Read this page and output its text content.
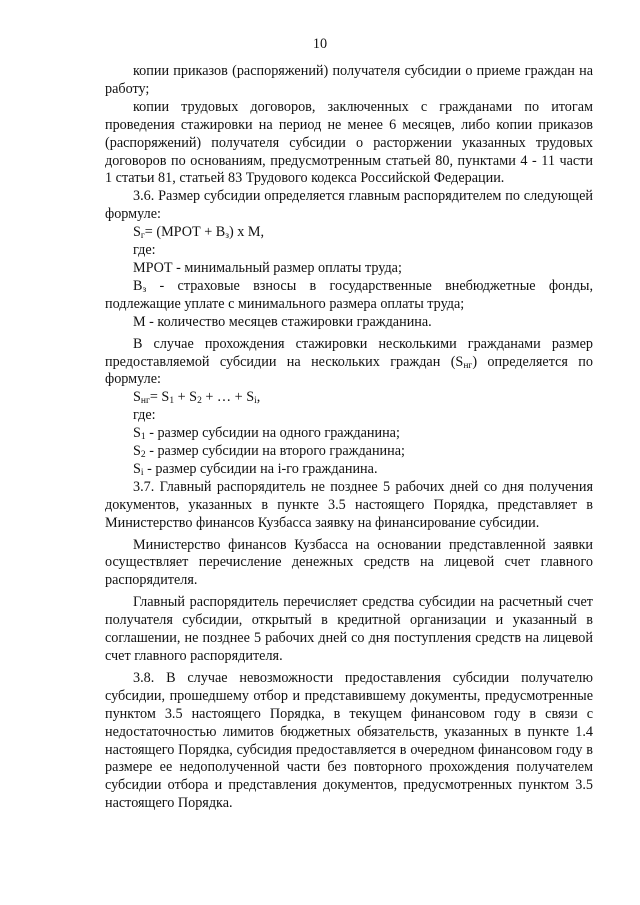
10

копии приказов (распоряжений) получателя субсидии о приеме граждан на работу;

копии трудовых договоров, заключенных с гражданами по итогам проведения стажировки на период не менее 6 месяцев, либо копии приказов (распоряжений) получателя субсидии о расторжении указанных трудовых договоров по основаниям, предусмотренным статьей 80, пунктами 4 - 11 части 1 статьи 81, статьей 83 Трудового кодекса Российской Федерации.

3.6. Размер субсидии определяется главным распорядителем по следующей формуле:

$S_г=$ (МРОТ + $В_з$) х М,

где:

МРОТ - минимальный размер оплаты труда;

$В_з$ - страховые взносы в государственные внебюджетные фонды, подлежащие уплате с минимального размера оплаты труда;

М - количество месяцев стажировки гражданина.

В случае прохождения стажировки несколькими гражданами размер предоставляемой субсидии на нескольких граждан $(S_{нг})$ определяется по формуле:

$S_{нг}= S_1 + S_2$ + … + $S_i$,

где:

$S_1$ - размер субсидии на одного гражданина;

$S_2$ - размер субсидии на второго гражданина;

$S_i$ - размер субсидии на i-го гражданина.

3.7. Главный распорядитель не позднее 5 рабочих дней со дня получения документов, указанных в пункте 3.5 настоящего Порядка, представляет в Министерство финансов Кузбасса заявку на финансирование субсидии.

Министерство финансов Кузбасса на основании представленной заявки осуществляет перечисление денежных средств на лицевой счет главного распорядителя.

Главный распорядитель перечисляет средства субсидии на расчетный счет получателя субсидии, открытый в кредитной организации и указанный в соглашении, не позднее 5 рабочих дней со дня поступления средств на лицевой счет главного распорядителя.

3.8. В случае невозможности предоставления субсидии получателю субсидии, прошедшему отбор и представившему документы, предусмотренные пунктом 3.5 настоящего Порядка, в текущем финансовом году в связи с недостаточностью лимитов бюджетных обязательств, указанных в пункте 1.4 настоящего Порядка, субсидия предоставляется в очередном финансовом году в размере ее недополученной части без повторного прохождения получателем субсидии отбора и представления документов, предусмотренных пунктом 3.5 настоящего Порядка.
